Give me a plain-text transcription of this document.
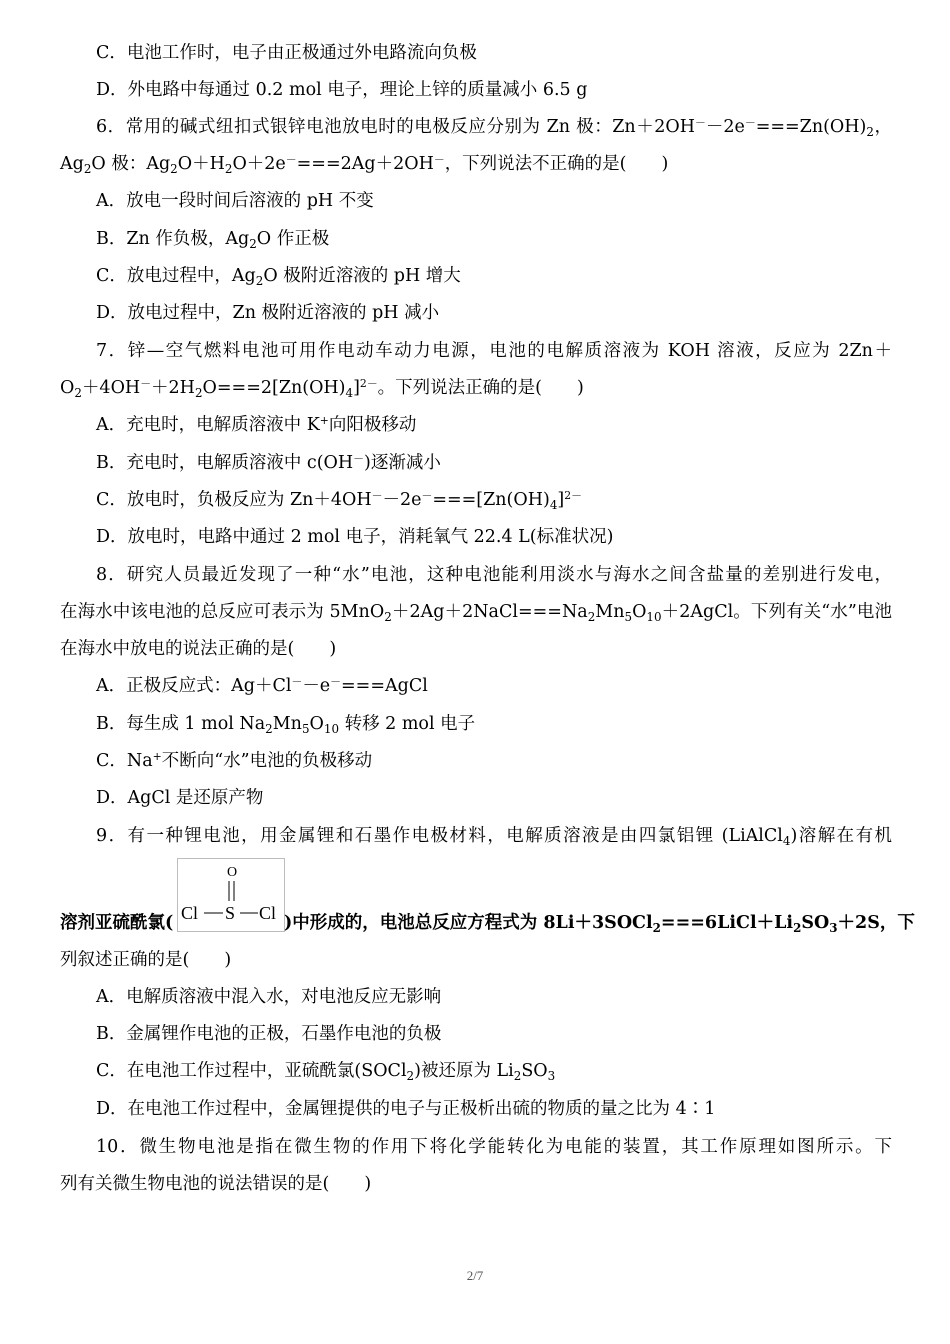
C．电池工作时，电子由正极通过外电路流向负极
D．外电路中每通过 0.2 mol 电子，理论上锌的质量减小 6.5 g
6．常用的碱式纽扣式银锌电池放电时的电极反应分别为 Zn 极：$Zn+2OH^--2e^-===Zn(OH)_2$，
$Ag_2O$ 极：$Ag_2O+H_2O+2e^-===2Ag+2OH^-$，下列说法不正确的是(　　)
A．放电一段时间后溶液的 pH 不变
B．Zn 作负极，$Ag_2O$ 作正极
C．放电过程中，$Ag_2O$ 极附近溶液的 pH 增大
D．放电过程中，Zn 极附近溶液的 pH 减小
7．锌—空气燃料电池可用作电动车动力电源，电池的电解质溶液为 KOH 溶液，反应为 2Zn＋
$O_2+4OH^-+2H_2O===2[Zn(OH)_4]^{2-}$。下列说法正确的是(　　)
A．充电时，电解质溶液中 K+向阳极移动
B．充电时，电解质溶液中 c(OH－)逐渐减小
C．放电时，负极反应为 $Zn+4OH^--2e^-===[Zn(OH)_4]^{2-}$
D．放电时，电路中通过 2 mol 电子，消耗氧气 22.4 L(标准状况)
8．研究人员最近发现了一种“水”电池，这种电池能利用淡水与海水之间含盐量的差别进行发电，
在海水中该电池的总反应可表示为 $5MnO_2+2Ag+2NaCl===Na_2Mn_5O_{10}+2AgCl$。下列有关“水”电池
在海水中放电的说法正确的是(　　)
A．正极反应式：Ag＋Cl－－e－===AgCl
B．每生成 1 mol $Na_2Mn_5O_{10}$ 转移 2 mol 电子
C．Na+不断向“水”电池的负极移动
D．AgCl 是还原产物
9．有一种锂电池，用金属锂和石墨作电极材料，电解质溶液是由四氯铝锂 (LiAlCl$_4$)溶解在有机
O
Cl S Cl
溶剂亚硫酰氯(	)中形成的，电池总反应方程式为 $8Li+3SOCl_2===6LiCl+Li_2SO_3+2S$，下
列叙述正确的是(　　)
A．电解质溶液中混入水，对电池反应无影响
B．金属锂作电池的正极，石墨作电池的负极
C．在电池工作过程中，亚硫酰氯(SOCl$_2$)被还原为 $Li_2SO_3$
D．在电池工作过程中，金属锂提供的电子与正极析出硫的物质的量之比为 4∶1
10．微生物电池是指在微生物的作用下将化学能转化为电能的装置，其工作原理如图所示。下
列有关微生物电池的说法错误的是(　　)
2/7
